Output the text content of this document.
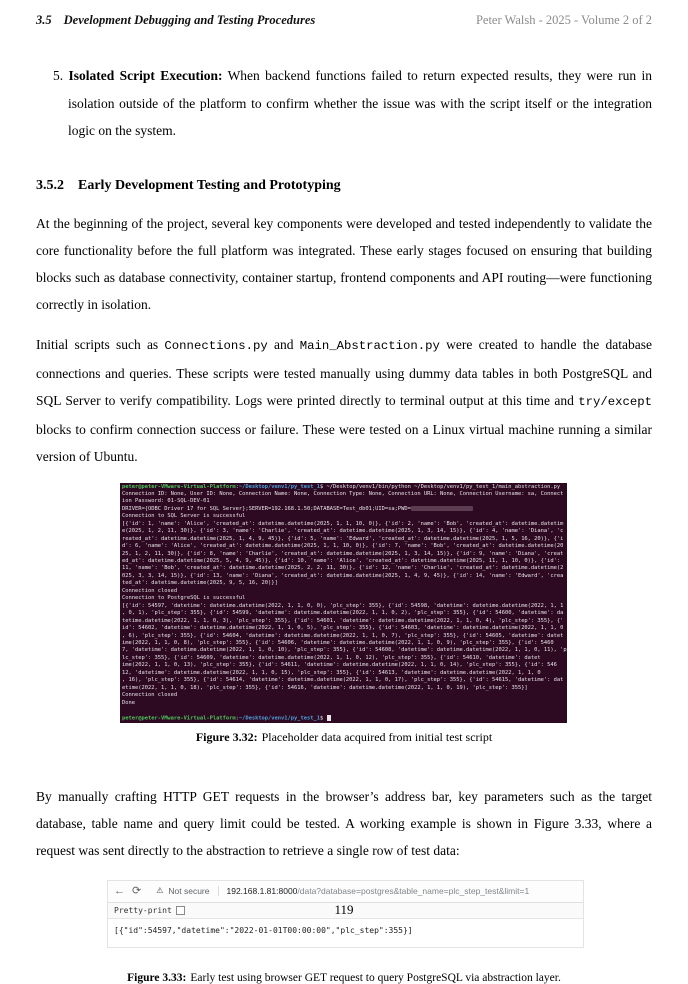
3.5 Development Debugging and Testing Procedures	Peter Walsh - 2025 - Volume 2 of 2
5. Isolated Script Execution: When backend functions failed to return expected results, they were run in isolation outside of the platform to confirm whether the issue was with the script itself or the integration logic on the system.
3.5.2 Early Development Testing and Prototyping
At the beginning of the project, several key components were developed and tested independently to validate the core functionality before the full platform was integrated. These early stages focused on ensuring that building blocks such as database connectivity, container startup, frontend components and API routing—were functioning correctly in isolation.
Initial scripts such as Connections.py and Main_Abstraction.py were created to handle the database connections and queries. These scripts were tested manually using dummy data tables in both PostgreSQL and SQL Server to verify compatibility. Logs were printed directly to terminal output at this time and try/except blocks to confirm connection success or failure. These were tested on a Linux virtual machine running a similar version of Ubuntu.
peter@peter-VMware-Virtual-Platform:~/Desktop/venv1/py_test_1$ ~/Desktop/venv1/bin/python ~/Desktop/venv1/py_test_1/main_abstraction.py
Connection ID: None, User ID: None, Connection Name: None, Connection Type: None, Connection URL: None, Connection Username: sa, Connect
ion Password: 01-SQL-DEV-01
DRIVER={ODBC Driver 17 for SQL Server};SERVER=192.168.1.50;DATABASE=Test_db01;UID=sa;PWD=
Connection to SQL Server is successful
[{'id': 1, 'name': 'Alice', 'created_at': datetime.datetime(2025, 1, 1, 10, 0)}, {'id': 2, 'name': 'Bob', 'created_at': datetime.datetim
e(2025, 1, 2, 11, 30)}, {'id': 3, 'name': 'Charlie', 'created_at': datetime.datetime(2025, 1, 3, 14, 15)}, {'id': 4, 'name': 'Diana', 'c
reated_at': datetime.datetime(2025, 1, 4, 9, 45)}, {'id': 5, 'name': 'Edward', 'created_at': datetime.datetime(2025, 1, 5, 16, 20)}, {'i
d': 6, 'name': 'Alice', 'created_at': datetime.datetime(2025, 1, 1, 10, 0)}, {'id': 7, 'name': 'Bob', 'created_at': datetime.datetime(20
25, 1, 2, 11, 30)}, {'id': 8, 'name': 'Charlie', 'created_at': datetime.datetime(2025, 1, 3, 14, 15)}, {'id': 9, 'name': 'Diana', 'creat
ed_at': datetime.datetime(2025, 5, 4, 9, 45)}, {'id': 10, 'name': 'Alice', 'created_at': datetime.datetime(2025, 11, 1, 10, 0)}, {'id':
11, 'name': 'Bob', 'created_at': datetime.datetime(2025, 2, 2, 11, 30)}, {'id': 12, 'name': 'Charlie', 'created_at': datetime.datetime(2
025, 3, 3, 14, 15)}, {'id': 13, 'name': 'Diana', 'created_at': datetime.datetime(2025, 1, 4, 9, 45)}, {'id': 14, 'name': 'Edward', 'crea
ted_at': datetime.datetime(2025, 9, 5, 16, 20)}]
Connection closed
Connection to PostgreSQL is successful
[{'id': 54597, 'datetime': datetime.datetime(2022, 1, 1, 0, 0), 'plc_step': 355}, {'id': 54598, 'datetime': datetime.datetime(2022, 1, 1
, 0, 1), 'plc_step': 355}, {'id': 54599, 'datetime': datetime.datetime(2022, 1, 1, 0, 2), 'plc_step': 355}, {'id': 54600, 'datetime': da
tetime.datetime(2022, 1, 1, 0, 3), 'plc_step': 355}, {'id': 54601, 'datetime': datetime.datetime(2022, 1, 1, 0, 4), 'plc_step': 355}, {'
id': 54602, 'datetime': datetime.datetime(2022, 1, 1, 0, 5), 'plc_step': 355}, {'id': 54603, 'datetime': datetime.datetime(2022, 1, 1, 0
, 6), 'plc_step': 355}, {'id': 54604, 'datetime': datetime.datetime(2022, 1, 1, 0, 7), 'plc_step': 355}, {'id': 54605, 'datetime': datet
ime(2022, 1, 1, 0, 8), 'plc_step': 355}, {'id': 54606, 'datetime': datetime.datetime(2022, 1, 1, 0, 9), 'plc_step': 355}, {'id': 5460
7, 'datetime': datetime.datetime(2022, 1, 1, 0, 10), 'plc_step': 355}, {'id': 54608, 'datetime': datetime.datetime(2022, 1, 1, 0, 11), 'p
lc_step': 355}, {'id': 54609, 'datetime': datetime.datetime(2022, 1, 1, 0, 12), 'plc_step': 355}, {'id': 54610, 'datetime': datet
ime(2022, 1, 1, 0, 13), 'plc_step': 355}, {'id': 54611, 'datetime': datetime.datetime(2022, 1, 1, 0, 14), 'plc_step': 355}, {'id': 546
12, 'datetime': datetime.datetime(2022, 1, 1, 0, 15), 'plc_step': 355}, {'id': 54613, 'datetime': datetime.datetime(2022, 1, 1, 0
, 16), 'plc_step': 355}, {'id': 54614, 'datetime': datetime.datetime(2022, 1, 1, 0, 17), 'plc_step': 355}, {'id': 54615, 'datetime': dat
etime(2022, 1, 1, 0, 18), 'plc_step': 355}, {'id': 54616, 'datetime': datetime.datetime(2022, 1, 1, 0, 19), 'plc_step': 355}]
Connection closed
Done

peter@peter-VMware-Virtual-Platform:~/Desktop/venv1/py_test_1$
Figure 3.32: Placeholder data acquired from initial test script
By manually crafting HTTP GET requests in the browser’s address bar, key parameters such as the target database, table name and query limit could be tested. A working example is shown in Figure 3.33, where a request was sent directly to the abstraction to retrieve a single row of test data:
← ⟳ ⚠ Not secure 192.168.1.81:8000/data?database=postgres&table_name=plc_step_test&limit=1
Pretty-print
[{"id":54597,"datetime":"2022-01-01T00:00:00","plc_step":355}]
Figure 3.33: Early test using browser GET request to query PostgreSQL via abstraction layer.
119
